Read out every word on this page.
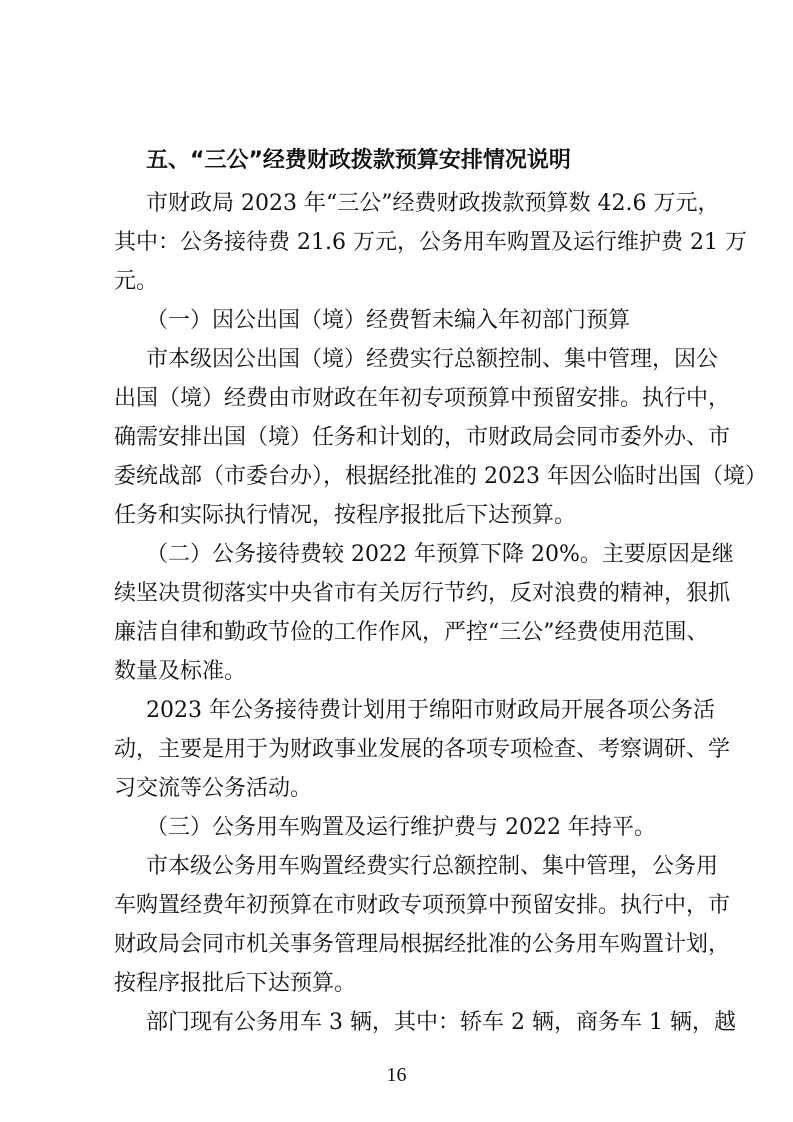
五、“三公”经费财政拨款预算安排情况说明
市财政局 2023 年“三公”经费财政拨款预算数 42.6 万元，
其中：公务接待费 21.6 万元，公务用车购置及运行维护费 21 万
元。
（一）因公出国（境）经费暂未编入年初部门预算
市本级因公出国（境）经费实行总额控制、集中管理，因公
出国（境）经费由市财政在年初专项预算中预留安排。执行中，
确需安排出国（境）任务和计划的，市财政局会同市委外办、市
委统战部（市委台办），根据经批准的 2023 年因公临时出国（境）
任务和实际执行情况，按程序报批后下达预算。
（二）公务接待费较 2022 年预算下降 20%。主要原因是继
续坚决贯彻落实中央省市有关厉行节约，反对浪费的精神，狠抓
廉洁自律和勤政节俭的工作作风，严控“三公”经费使用范围、
数量及标准。
2023 年公务接待费计划用于绵阳市财政局开展各项公务活
动，主要是用于为财政事业发展的各项专项检查、考察调研、学
习交流等公务活动。
（三）公务用车购置及运行维护费与 2022 年持平。
市本级公务用车购置经费实行总额控制、集中管理，公务用
车购置经费年初预算在市财政专项预算中预留安排。执行中，市
财政局会同市机关事务管理局根据经批准的公务用车购置计划，
按程序报批后下达预算。
部门现有公务用车 3 辆，其中：轿车 2 辆，商务车 1 辆，越
16
